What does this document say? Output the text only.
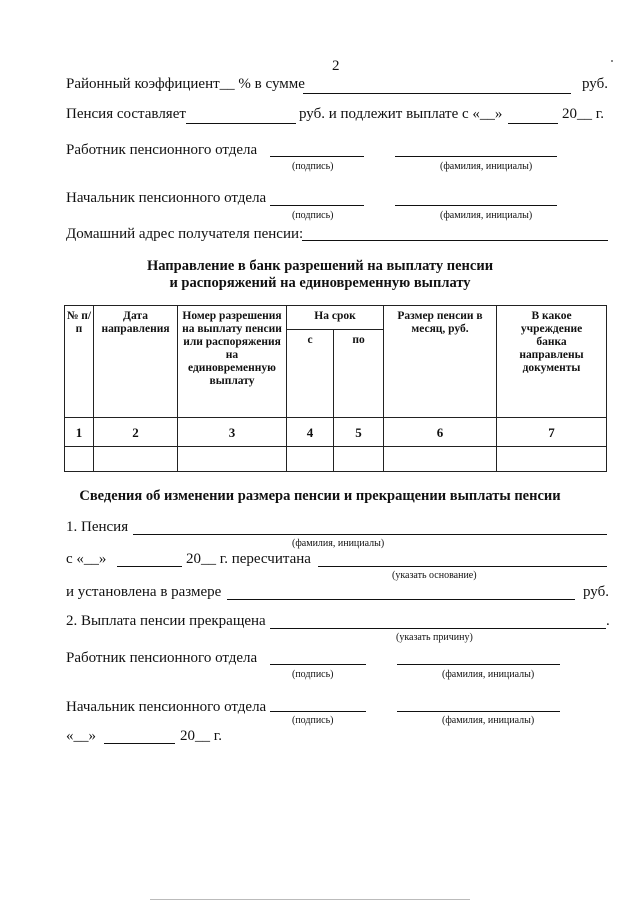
2
Районный коэффициент__ % в сумме	руб.
Пенсия составляет	руб. и подлежит выплате с «__»	20__ г.
Работник пенсионного отдела
(подпись)	(фамилия, инициалы)
Начальник пенсионного отдела
(подпись)	(фамилия, инициалы)
Домашний адрес получателя пенсии:
Направление в банк разрешений на выплату пенсии
и распоряжений на единовременную выплату
№ п/п	Дата направления	Номер разрешения на выплату пенсии или распоряжения на единовременную выплату	На срок		Размер пенсии в месяц, руб.	В какое учреждение банка направлены документы
			с	по		
1	2	3	4	5	6	7

Сведения об изменении размера пенсии и прекращении выплаты пенсии
1. Пенсия
(фамилия, инициалы)
с «__»	20__ г. пересчитана
(указать основание)
и установлена в размере	руб.
2. Выплата пенсии прекращена	.
(указать причину)
Работник пенсионного отдела
(подпись)	(фамилия, инициалы)
Начальник пенсионного отдела
(подпись)	(фамилия, инициалы)
«__»	20__ г.
